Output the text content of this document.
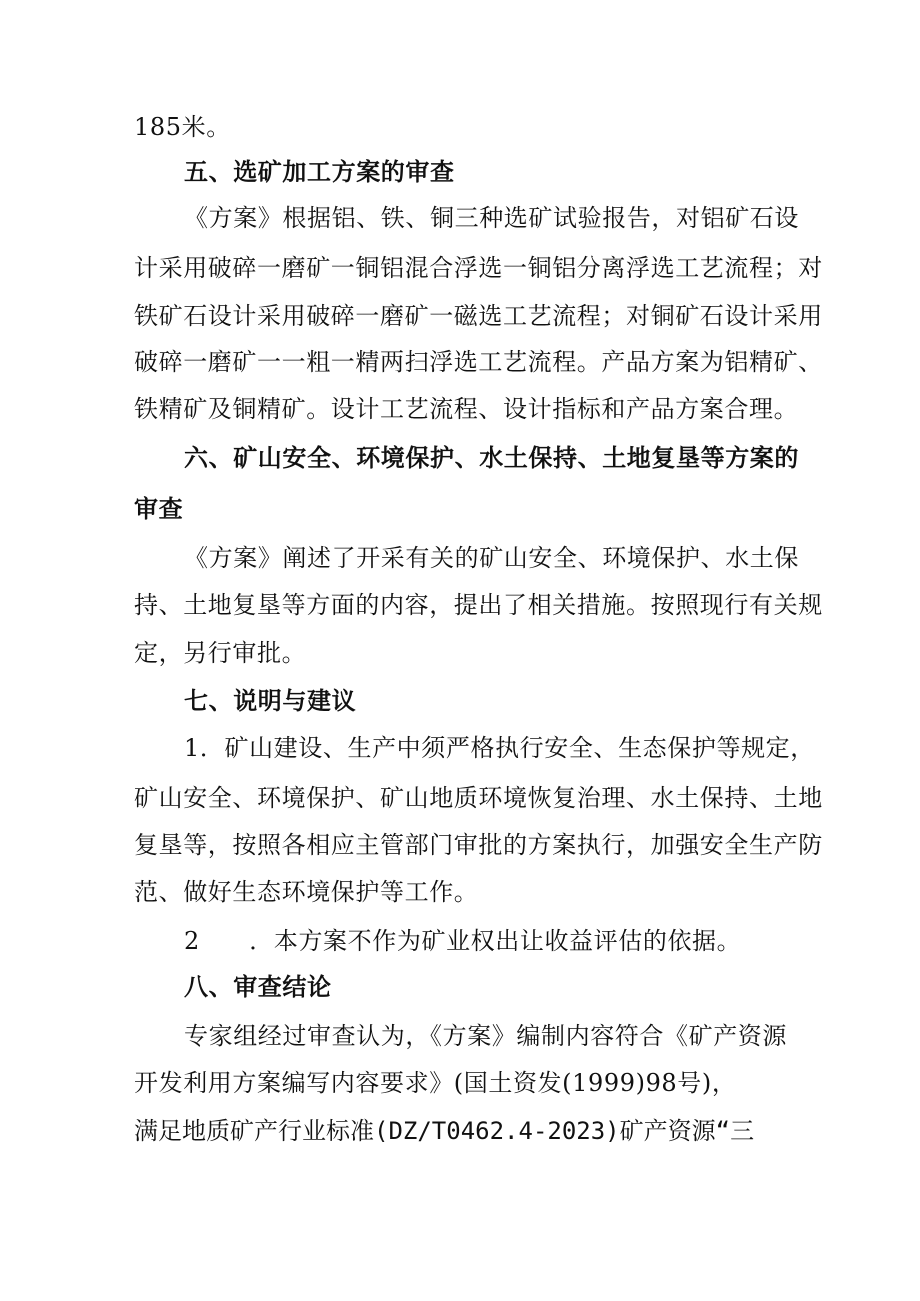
185米。
五、选矿加工方案的审查
《方案》根据铝、铁、铜三种选矿试验报告，对铝矿石设
计采用破碎一磨矿一铜铝混合浮选一铜铝分离浮选工艺流程；对
铁矿石设计采用破碎一磨矿一磁选工艺流程；对铜矿石设计采用
破碎一磨矿一一粗一精两扫浮选工艺流程。产品方案为铝精矿、
铁精矿及铜精矿。设计工艺流程、设计指标和产品方案合理。
六、矿山安全、环境保护、水土保持、土地复垦等方案的
审查
《方案》阐述了开采有关的矿山安全、环境保护、水土保
持、土地复垦等方面的内容，提出了相关措施。按照现行有关规
定，另行审批。
七、说明与建议
1．矿山建设、生产中须严格执行安全、生态保护等规定，
矿山安全、环境保护、矿山地质环境恢复治理、水土保持、土地
复垦等，按照各相应主管部门审批的方案执行，加强安全生产防
范、做好生态环境保护等工作。
2      ．本方案不作为矿业权出让收益评估的依据。
八、审查结论
专家组经过审查认为，《方案》编制内容符合《矿产资源
开发利用方案编写内容要求》(国土资发(1999)98号)，
满足地质矿产行业标准(DZ/T0462.4-2023)矿产资源“三
